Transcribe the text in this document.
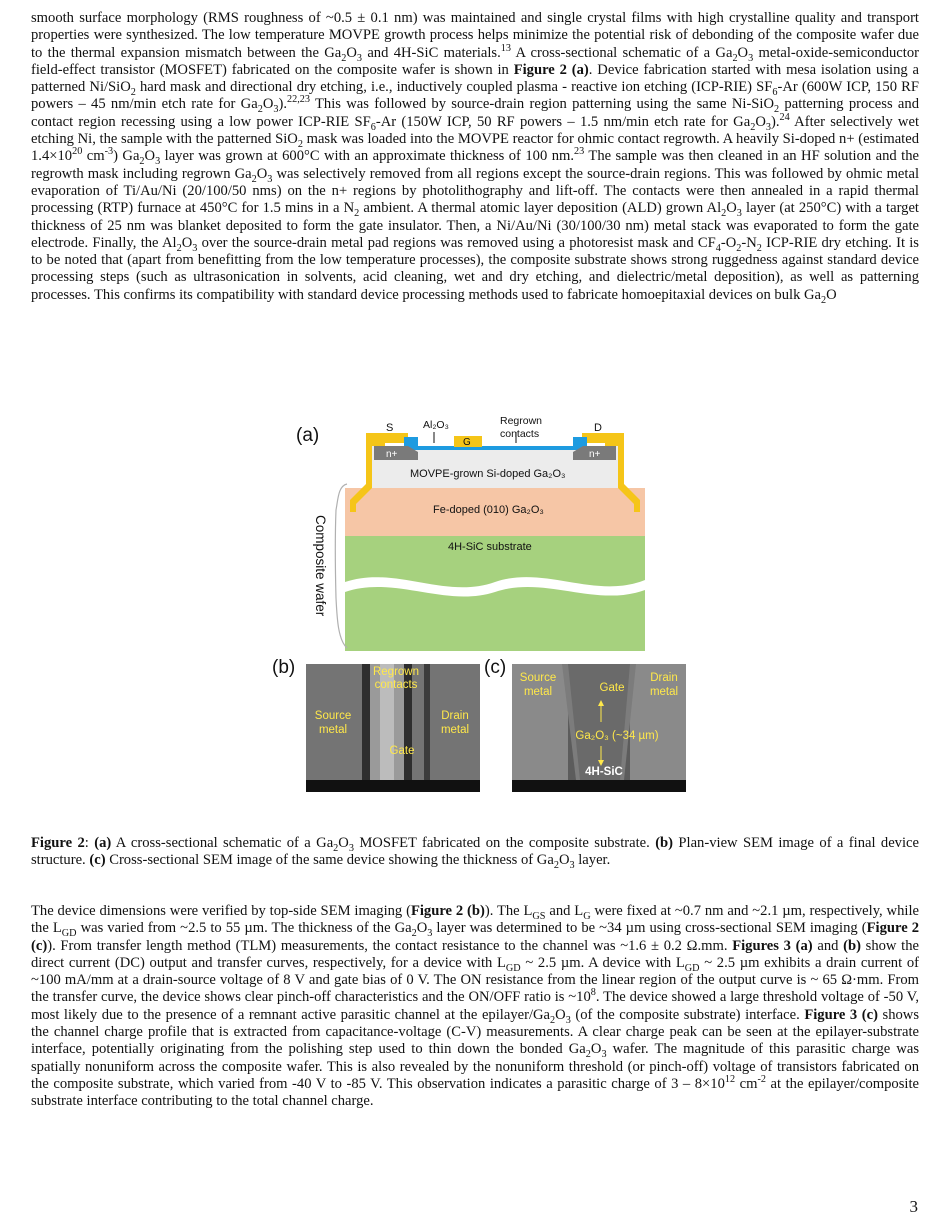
smooth surface morphology (RMS roughness of ~0.5 ± 0.1 nm) was maintained and single crystal films with high crystalline quality and transport properties were synthesized. The low temperature MOVPE growth process helps minimize the potential risk of debonding of the composite wafer due to the thermal expansion mismatch between the $Ga_2O_3$ and 4H-SiC materials.$^{13}$ A cross-sectional schematic of a $Ga_2O_3$ metal-oxide-semiconductor field-effect transistor (MOSFET) fabricated on the composite wafer is shown in Figure 2 (a). Device fabrication started with mesa isolation using a patterned Ni/SiO$_2$ hard mask and directional dry etching, i.e., inductively coupled plasma - reactive ion etching (ICP-RIE) $SF_6-Ar$ (600W ICP, 150 RF powers – 45 nm/min etch rate for $Ga_2O_3).^{22,23}$ This was followed by source-drain region patterning using the same Ni-SiO$_2$ patterning process and contact region recessing using a low power ICP-RIE $SF_6-Ar$ (150W ICP, 50 RF powers – 1.5 nm/min etch rate for $Ga_2O_3).^{24}$ After selectively wet etching Ni, the sample with the patterned SiO$_2$ mask was loaded into the MOVPE reactor for ohmic contact regrowth. A heavily Si-doped n+ (estimated $1.4\times 10^{20}$ $cm^{-3}$) $Ga_2O_3$ layer was grown at 600°C with an approximate thickness of 100 nm.$^{23}$ The sample was then cleaned in an HF solution and the regrowth mask including regrown $Ga_2O_3$ was selectively removed from all regions except the source-drain regions. This was followed by ohmic metal evaporation of Ti/Au/Ni (20/100/50 nms) on the n+ regions by photolithography and lift-off. The contacts were then annealed in a rapid thermal processing (RTP) furnace at 450°C for 1.5 mins in a $N_2$ ambient. A thermal atomic layer deposition (ALD) grown $Al_2O_3$ layer (at 250°C) with a target thickness of 25 nm was blanket deposited to form the gate insulator. Then, a Ni/Au/Ni (30/100/30 nm) metal stack was evaporated to form the gate electrode. Finally, the $Al_2O_3$ over the source-drain metal pad regions was removed using a photoresist mask and $CF_4-O_2-N_2$ ICP-RIE dry etching. It is to be noted that (apart from benefitting from the low temperature processes), the composite substrate shows strong ruggedness against standard device processing steps (such as ultrasonication in solvents, acid cleaning, wet and dry etching, and dielectric/metal deposition), as well as patterning processes. This confirms its compatibility with standard device processing methods used to fabricate homoepitaxial devices on bulk $Ga_2O$

(a)	S	D
Al₂O₃	Regrown
contacts
G
n+	n+
MOVPE-grown Si-doped Ga₂O₃
Fe-doped (010) Ga₂O₃
4H-SiC substrate
Composite wafer
(b)	Regrown
contacts
Source
metal
Drain
metal
Gate
(c)	Source
metal	Gate
Drain
metal
Ga₂O₃ (~34 µm)
4H-SiC

Figure 2: (a) A cross-sectional schematic of a $Ga_2O_3$ MOSFET fabricated on the composite substrate. (b) Plan-view SEM image of a final device structure. (c) Cross-sectional SEM image of the same device showing the thickness of $Ga_2O_3$ layer.

The device dimensions were verified by top-side SEM imaging (Figure 2 (b)). The $L_{GS}$ and $L_G$ were fixed at ~0.7 nm and ~2.1 µm, respectively, while the $L_{GD}$ was varied from ~2.5 to 55 µm. The thickness of the $Ga_2O_3$ layer was determined to be ~34 µm using cross-sectional SEM imaging (Figure 2 (c)). From transfer length method (TLM) measurements, the contact resistance to the channel was ~1.6 ± 0.2 Ω.mm. Figures 3 (a) and (b) show the direct current (DC) output and transfer curves, respectively, for a device with $L_{GD}$ ~ 2.5 µm. A device with $L_{GD}$ ~ 2.5 µm exhibits a drain current of ~100 mA/mm at a drain-source voltage of 8 V and gate bias of 0 V. The ON resistance from the linear region of the output curve is ~ 65 Ω·mm. From the transfer curve, the device shows clear pinch-off characteristics and the ON/OFF ratio is $\sim 10^8$. The device showed a large threshold voltage of -50 V, most likely due to the presence of a remnant active parasitic channel at the epilayer/$Ga_2O_3$ (of the composite substrate) interface. Figure 3 (c) shows the channel charge profile that is extracted from capacitance-voltage (C-V) measurements. A clear charge peak can be seen at the epilayer-substrate interface, potentially originating from the polishing step used to thin down the bonded $Ga_2O_3$ wafer. The magnitude of this parasitic charge was spatially nonuniform across the composite wafer. This is also revealed by the nonuniform threshold (or pinch-off) voltage of transistors fabricated on the composite substrate, which varied from -40 V to -85 V. This observation indicates a parasitic charge of $3 - 8\times 10^{12}$ $cm^{-2}$ at the epilayer/composite substrate interface contributing to the total channel charge.

3
